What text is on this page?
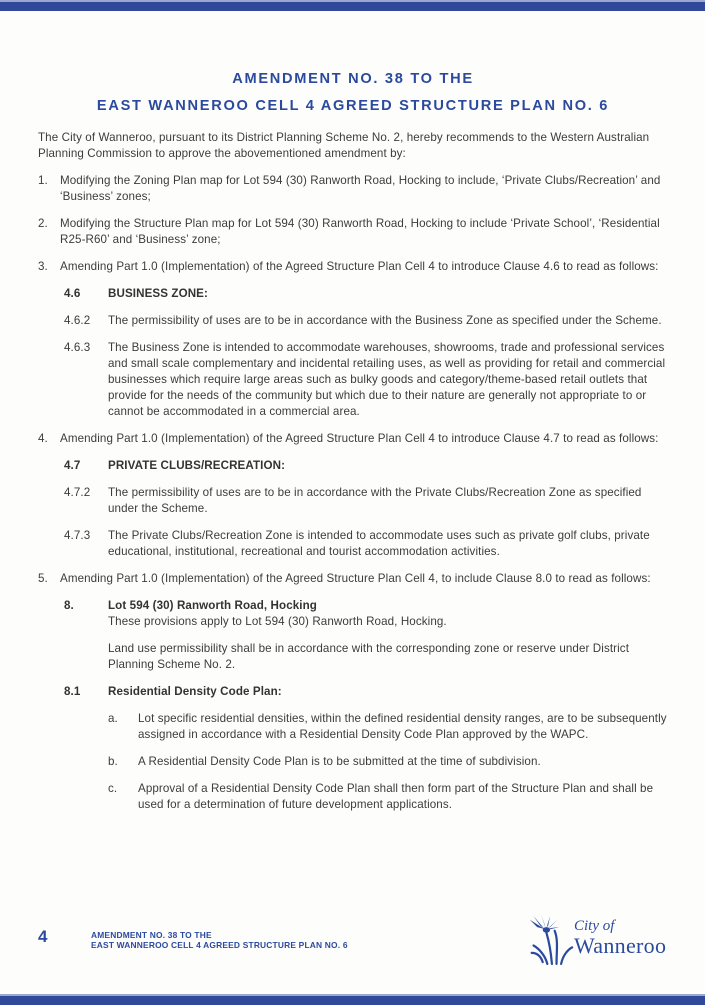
AMENDMENT NO. 38 TO THE
EAST WANNEROO CELL 4 AGREED STRUCTURE PLAN NO. 6

The City of Wanneroo, pursuant to its District Planning Scheme No. 2, hereby recommends to the Western Australian Planning Commission to approve the abovementioned amendment by:

1.	Modifying the Zoning Plan map for Lot 594 (30) Ranworth Road, Hocking to include, ‘Private Clubs/Recreation’ and ‘Business’ zones;
2.	Modifying the Structure Plan map for Lot 594 (30) Ranworth Road, Hocking to include ‘Private School’, ‘Residential R25-R60’ and ‘Business’ zone;
3.	Amending Part 1.0 (Implementation) of the Agreed Structure Plan Cell 4 to introduce Clause 4.6 to read as follows:
4.6	BUSINESS ZONE:
4.6.2	The permissibility of uses are to be in accordance with the Business Zone as specified under the Scheme.
4.6.3	The Business Zone is intended to accommodate warehouses, showrooms, trade and professional services and small scale complementary and incidental retailing uses, as well as providing for retail and commercial businesses which require large areas such as bulky goods and category/theme-based retail outlets that provide for the needs of the community but which due to their nature are generally not appropriate to or cannot be accommodated in a commercial area.
4.	Amending Part 1.0 (Implementation) of the Agreed Structure Plan Cell 4 to introduce Clause 4.7 to read as follows:
4.7	PRIVATE CLUBS/RECREATION:
4.7.2	The permissibility of uses are to be in accordance with the Private Clubs/Recreation Zone as specified under the Scheme.
4.7.3	The Private Clubs/Recreation Zone is intended to accommodate uses such as private golf clubs, private educational, institutional, recreational and tourist accommodation activities.
5.	Amending Part 1.0 (Implementation) of the Agreed Structure Plan Cell 4, to include Clause 8.0 to read as follows:
8.	Lot 594 (30) Ranworth Road, Hocking
These provisions apply to Lot 594 (30) Ranworth Road, Hocking.
Land use permissibility shall be in accordance with the corresponding zone or reserve under District Planning Scheme No. 2.
8.1	Residential Density Code Plan:
a.	Lot specific residential densities, within the defined residential density ranges, are to be subsequently assigned in accordance with a Residential Density Code Plan approved by the WAPC.
b.	A Residential Density Code Plan is to be submitted at the time of subdivision.
c.	Approval of a Residential Density Code Plan shall then form part of the Structure Plan and shall be used for a determination of future development applications.
4	AMENDMENT NO. 38 TO THE
EAST WANNEROO CELL 4 AGREED STRUCTURE PLAN NO. 6
City of
Wanneroo
